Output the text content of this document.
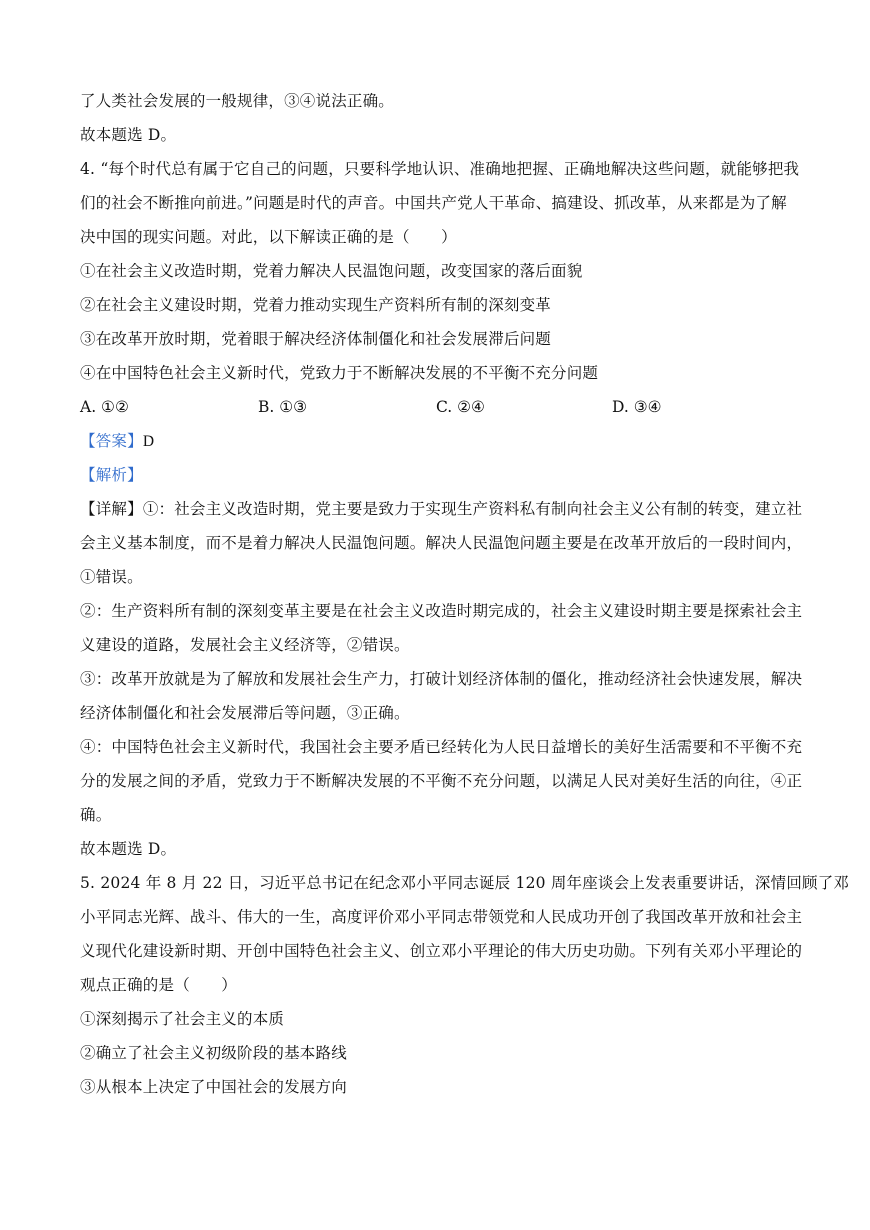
了人类社会发展的一般规律，③④说法正确。
故本题选 D。
4. “每个时代总有属于它自己的问题，只要科学地认识、准确地把握、正确地解决这些问题，就能够把我
们的社会不断推向前进。”问题是时代的声音。中国共产党人干革命、搞建设、抓改革，从来都是为了解
决中国的现实问题。对此，以下解读正确的是（　　）
①在社会主义改造时期，党着力解决人民温饱问题，改变国家的落后面貌
②在社会主义建设时期，党着力推动实现生产资料所有制的深刻变革
③在改革开放时期，党着眼于解决经济体制僵化和社会发展滞后问题
④在中国特色社会主义新时代，党致力于不断解决发展的不平衡不充分问题
A. ①②	B. ①③	C. ②④	D. ③④
【答案】D
【解析】
【详解】①：社会主义改造时期，党主要是致力于实现生产资料私有制向社会主义公有制的转变，建立社
会主义基本制度，而不是着力解决人民温饱问题。解决人民温饱问题主要是在改革开放后的一段时间内，
①错误。
②：生产资料所有制的深刻变革主要是在社会主义改造时期完成的，社会主义建设时期主要是探索社会主
义建设的道路，发展社会主义经济等，②错误。
③：改革开放就是为了解放和发展社会生产力，打破计划经济体制的僵化，推动经济社会快速发展，解决
经济体制僵化和社会发展滞后等问题，③正确。
④：中国特色社会主义新时代，我国社会主要矛盾已经转化为人民日益增长的美好生活需要和不平衡不充
分的发展之间的矛盾，党致力于不断解决发展的不平衡不充分问题，以满足人民对美好生活的向往，④正
确。
故本题选 D。
5. 2024 年 8 月 22 日，习近平总书记在纪念邓小平同志诞辰 120 周年座谈会上发表重要讲话，深情回顾了邓
小平同志光辉、战斗、伟大的一生，高度评价邓小平同志带领党和人民成功开创了我国改革开放和社会主
义现代化建设新时期、开创中国特色社会主义、创立邓小平理论的伟大历史功勋。下列有关邓小平理论的
观点正确的是（　　）
①深刻揭示了社会主义的本质
②确立了社会主义初级阶段的基本路线
③从根本上决定了中国社会的发展方向
